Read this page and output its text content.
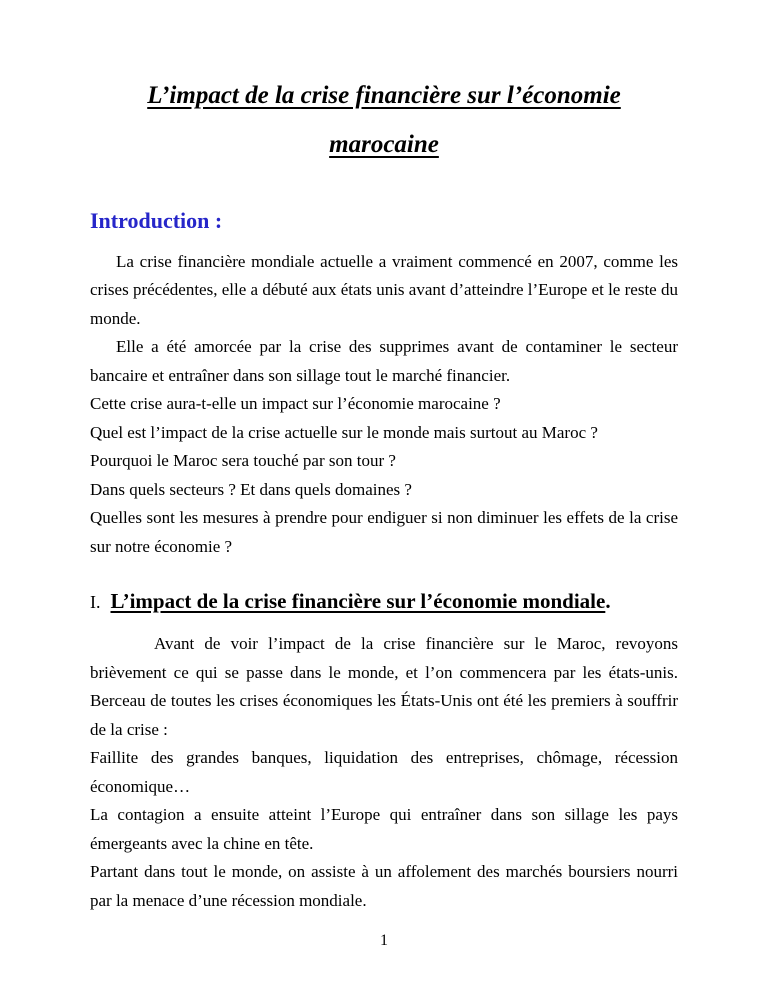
L’impact de la crise financière sur l’économie
marocaine
Introduction :

La crise financière mondiale actuelle a vraiment commencé en 2007, comme les crises précédentes, elle a débuté aux états unis avant d’atteindre l’Europe et le reste du monde.

Elle a été amorcée par la crise des supprimes avant de contaminer le secteur bancaire et entraîner dans son sillage tout le marché financier.

Cette crise aura-t-elle un impact sur l’économie marocaine ?

Quel est l’impact de la crise actuelle sur le monde mais surtout au Maroc ?

Pourquoi le Maroc sera touché par son tour ?

Dans quels secteurs ? Et dans quels domaines ?

Quelles sont les mesures à prendre pour endiguer si non diminuer les effets de la crise sur notre économie ?

I. L’impact de la crise financière sur l’économie mondiale.

Avant de voir l’impact de la crise financière sur le Maroc, revoyons brièvement ce qui se passe dans le monde, et l’on commencera par les états-unis. Berceau de toutes les crises économiques les États-Unis ont été les premiers à souffrir de la crise :

Faillite des grandes banques, liquidation des entreprises, chômage, récession économique…

La contagion a ensuite atteint l’Europe qui entraîner dans son sillage les pays émergeants avec la chine en tête.

Partant dans tout le monde, on assiste à un affolement des marchés boursiers nourri par la menace d’une récession mondiale.

1
